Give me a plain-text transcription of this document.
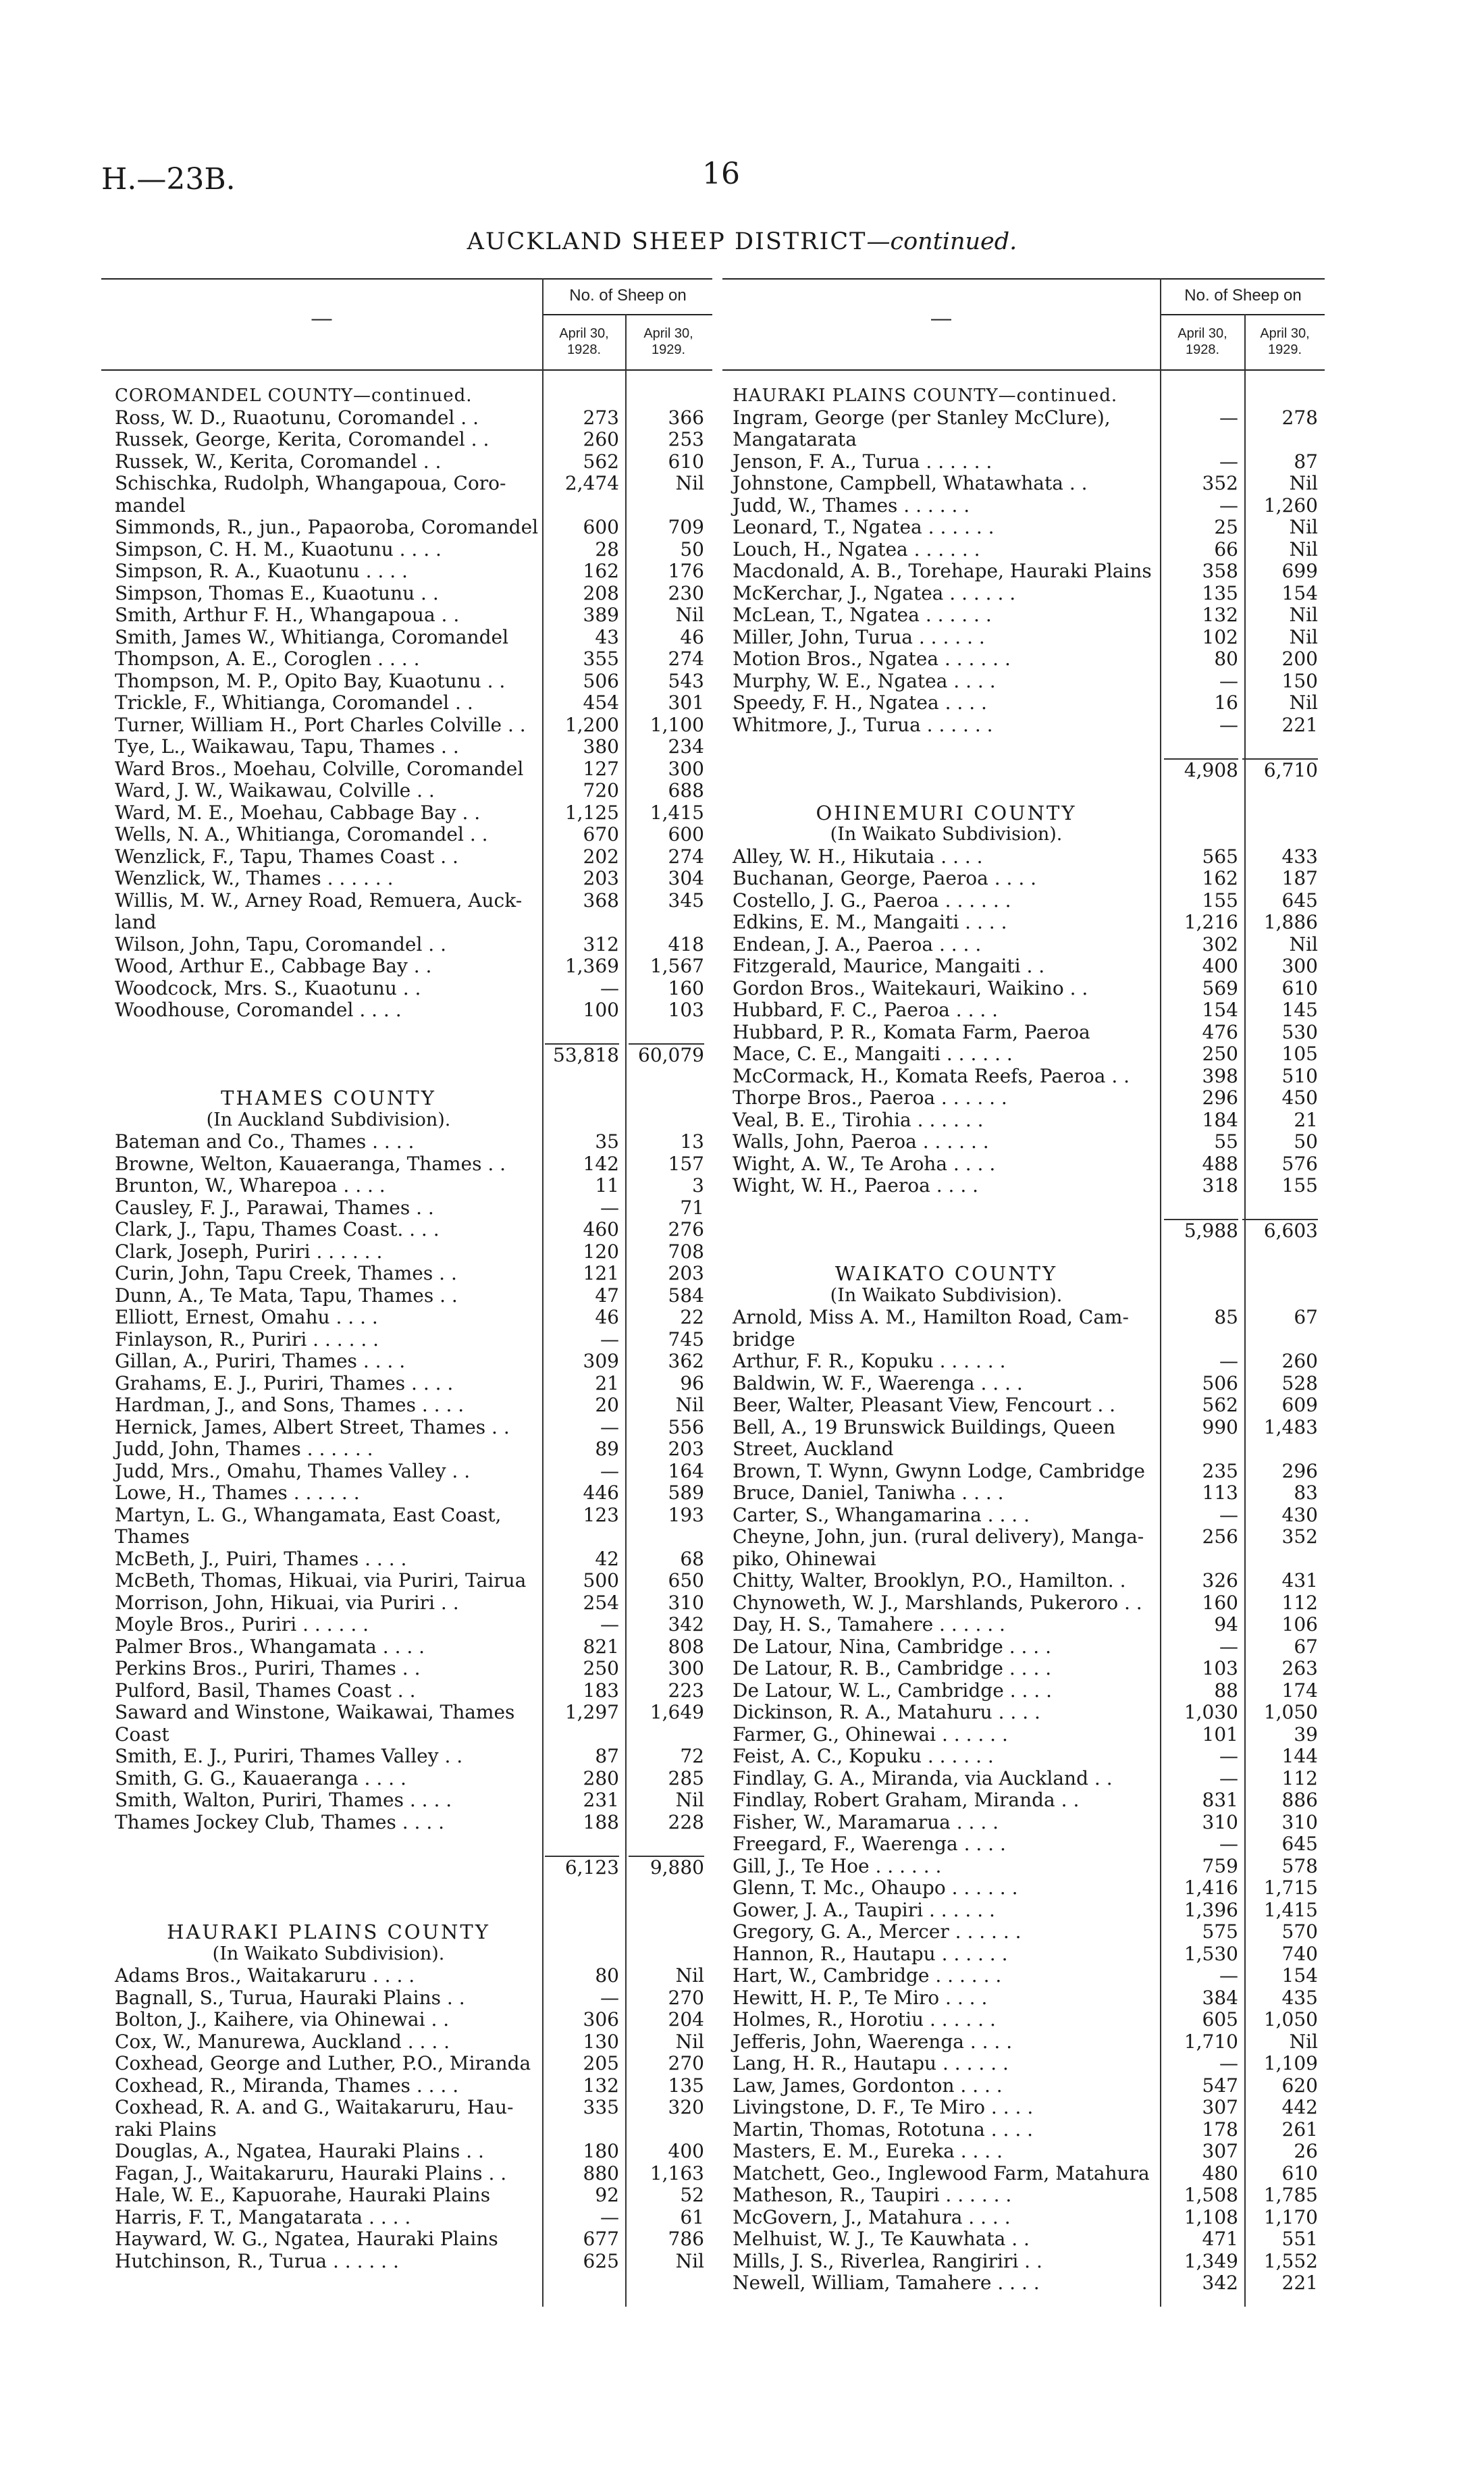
H.—23B.	16
AUCKLAND SHEEP DISTRICT—continued.
—
No. of Sheep on
April 30, 1928.
April 30, 1929.
—
No. of Sheep on
April 30, 1928.
April 30, 1929.
COROMANDEL COUNTY—continued.
Ross, W. D., Ruaotunu, Coromandel . .	273	366
Russek, George, Kerita, Coromandel . .	260	253
Russek, W., Kerita, Coromandel . .	562	610
Schischka, Rudolph, Whangapoua, Coro-	2,474	Nil
mandel
Simmonds, R., jun., Papaoroba, Coromandel 600	709
Simpson, C. H. M., Kuaotunu . . . .	28	50
Simpson, R. A., Kuaotunu . . . .	162	176
Simpson, Thomas E., Kuaotunu . .	208	230
Smith, Arthur F. H., Whangapoua . .	389	Nil
Smith, James W., Whitianga, Coromandel	43	46
Thompson, A. E., Coroglen . . . .	355	274
Thompson, M. P., Opito Bay, Kuaotunu . .	506	543
Trickle, F., Whitianga, Coromandel . .	454	301
Turner, William H., Port Charles Colville . . 1,200 1,100
Tye, L., Waikawau, Tapu, Thames . .	380	234
Ward Bros., Moehau, Colville, Coromandel	127	300
Ward, J. W., Waikawau, Colville . .	720	688
Ward, M. E., Moehau, Cabbage Bay . .	1,125 1,415
Wells, N. A., Whitianga, Coromandel . .	670	600
Wenzlick, F., Tapu, Thames Coast . .	202	274
Wenzlick, W., Thames . . . . . .	203	304
Willis, M. W., Arney Road, Remuera, Auck-	368	345
land
Wilson, John, Tapu, Coromandel . .	312	418
Wood, Arthur E., Cabbage Bay . .	1,369 1,567
Woodcock, Mrs. S., Kuaotunu . .	—	160
Woodhouse, Coromandel . . . .	100	103
53,818	60,079
THAMES COUNTY
(In Auckland Subdivision).
Bateman and Co., Thames . . . .	35	13
Browne, Welton, Kauaeranga, Thames . .	142	157
Brunton, W., Wharepoa . . . .	11	3
Causley, F. J., Parawai, Thames . .	—	71
Clark, J., Tapu, Thames Coast. . . .	460	276
Clark, Joseph, Puriri . . . . . .	120	708
Curin, John, Tapu Creek, Thames . .	121	203
Dunn, A., Te Mata, Tapu, Thames . .	47	584
Elliott, Ernest, Omahu . . . .	46	22
Finlayson, R., Puriri . . . . . .	—	745
Gillan, A., Puriri, Thames . . . .	309	362
Grahams, E. J., Puriri, Thames . . . .	21	96
Hardman, J., and Sons, Thames . . . .	20	Nil
Hernick, James, Albert Street, Thames . .	—	556
Judd, John, Thames . . . . . .	89	203
Judd, Mrs., Omahu, Thames Valley . .	—	164
Lowe, H., Thames . . . . . .	446	589
Martyn, L. G., Whangamata, East Coast,	123	193
Thames
McBeth, J., Puiri, Thames . . . .	42	68
McBeth, Thomas, Hikuai, via Puriri, Tairua	500	650
Morrison, John, Hikuai, via Puriri . .	254	310
Moyle Bros., Puriri . . . . . .	—	342
Palmer Bros., Whangamata . . . .	821	808
Perkins Bros., Puriri, Thames . .	250	300
Pulford, Basil, Thames Coast . .	183	223
Saward and Winstone, Waikawai, Thames	1,297 1,649
Coast
Smith, E. J., Puriri, Thames Valley . .	87	72
Smith, G. G., Kauaeranga . . . .	280	285
Smith, Walton, Puriri, Thames . . . .	231	Nil
Thames Jockey Club, Thames . . . .	188	228
6,123	9,880
HAURAKI PLAINS COUNTY
(In Waikato Subdivision).
Adams Bros., Waitakaruru . . . .	80	Nil
Bagnall, S., Turua, Hauraki Plains . .	—	270
Bolton, J., Kaihere, via Ohinewai . .	306	204
Cox, W., Manurewa, Auckland . . . .	130	Nil
Coxhead, George and Luther, P.O., Miranda	205	270
Coxhead, R., Miranda, Thames . . . .	132	135
Coxhead, R. A. and G., Waitakaruru, Hau-	335	320
raki Plains
Douglas, A., Ngatea, Hauraki Plains . .	180	400
Fagan, J., Waitakaruru, Hauraki Plains . .	880 1,163
Hale, W. E., Kapuorahe, Hauraki Plains	92	52
Harris, F. T., Mangatarata . . . .	—	61
Hayward, W. G., Ngatea, Hauraki Plains	677	786
Hutchinson, R., Turua . . . . . .	625	Nil
HAURAKI PLAINS COUNTY—continued.
Ingram, George (per Stanley McClure),	— 278
Mangatarata
Jenson, F. A., Turua . . . . . .	—	87
Johnstone, Campbell, Whatawhata . .	352	Nil
Judd, W., Thames . . . . . .	— 1,260
Leonard, T., Ngatea . . . . . .	25	Nil
Louch, H., Ngatea . . . . . .	66	Nil
Macdonald, A. B., Torehape, Hauraki Plains	358 699
McKerchar, J., Ngatea . . . . . .	135 154
McLean, T., Ngatea . . . . . .	132	Nil
Miller, John, Turua . . . . . .	102	Nil
Motion Bros., Ngatea . . . . . .	80 200
Murphy, W. E., Ngatea . . . .	— 150
Speedy, F. H., Ngatea . . . .	16	Nil
Whitmore, J., Turua . . . . . .	— 221
4,908	6,710
OHINEMURI COUNTY
(In Waikato Subdivision).
Alley, W. H., Hikutaia . . . .	565 433
Buchanan, George, Paeroa . . . .	162 187
Costello, J. G., Paeroa . . . . . .	155 645
Edkins, E. M., Mangaiti . . . .	1,216 1,886
Endean, J. A., Paeroa . . . .	302	Nil
Fitzgerald, Maurice, Mangaiti . .	400 300
Gordon Bros., Waitekauri, Waikino . .	569 610
Hubbard, F. C., Paeroa . . . .	154 145
Hubbard, P. R., Komata Farm, Paeroa	476 530
Mace, C. E., Mangaiti . . . . . .	250 105
McCormack, H., Komata Reefs, Paeroa . .	398 510
Thorpe Bros., Paeroa . . . . . .	296 450
Veal, B. E., Tirohia . . . . . .	184	21
Walls, John, Paeroa . . . . . .	55	50
Wight, A. W., Te Aroha . . . .	488 576
Wight, W. H., Paeroa . . . .	318 155
5,988	6,603
WAIKATO COUNTY
(In Waikato Subdivision).
Arnold, Miss A. M., Hamilton Road, Cam-	85	67
bridge
Arthur, F. R., Kopuku . . . . . .	— 260
Baldwin, W. F., Waerenga . . . .	506 528
Beer, Walter, Pleasant View, Fencourt . .	562 609
Bell, A., 19 Brunswick Buildings, Queen	990 1,483
Street, Auckland
Brown, T. Wynn, Gwynn Lodge, Cambridge	235 296
Bruce, Daniel, Taniwha . . . .	113	83
Carter, S., Whangamarina . . . .	— 430
Cheyne, John, jun. (rural delivery), Manga-	256 352
piko, Ohinewai
Chitty, Walter, Brooklyn, P.O., Hamilton. .	326 431
Chynoweth, W. J., Marshlands, Pukeroro . .	160 112
Day, H. S., Tamahere . . . . . .	94 106
De Latour, Nina, Cambridge . . . .	—	67
De Latour, R. B., Cambridge . . . .	103 263
De Latour, W. L., Cambridge . . . .	88 174
Dickinson, R. A., Matahuru . . . .	1,030 1,050
Farmer, G., Ohinewai . . . . . .	101	39
Feist, A. C., Kopuku . . . . . .	— 144
Findlay, G. A., Miranda, via Auckland . .	— 112
Findlay, Robert Graham, Miranda . .	831 886
Fisher, W., Maramarua . . . .	310 310
Freegard, F., Waerenga . . . .	— 645
Gill, J., Te Hoe . . . . . .	759 578
Glenn, T. Mc., Ohaupo . . . . . .	1,416 1,715
Gower, J. A., Taupiri . . . . . .	1,396 1,415
Gregory, G. A., Mercer . . . . . .	575 570
Hannon, R., Hautapu . . . . . .	1,530 740
Hart, W., Cambridge . . . . . .	— 154
Hewitt, H. P., Te Miro . . . .	384 435
Holmes, R., Horotiu . . . . . .	605 1,050
Jefferis, John, Waerenga . . . .	1,710	Nil
Lang, H. R., Hautapu . . . . . .	— 1,109
Law, James, Gordonton . . . .	547 620
Livingstone, D. F., Te Miro . . . .	307 442
Martin, Thomas, Rototuna . . . .	178 261
Masters, E. M., Eureka . . . .	307	26
Matchett, Geo., Inglewood Farm, Matahura	480 610
Matheson, R., Taupiri . . . . . .	1,508 1,785
McGovern, J., Matahura . . . .	1,108 1,170
Melhuist, W. J., Te Kauwhata . .	471 551
Mills, J. S., Riverlea, Rangiriri . .	1,349 1,552
Newell, William, Tamahere . . . .	342 221
